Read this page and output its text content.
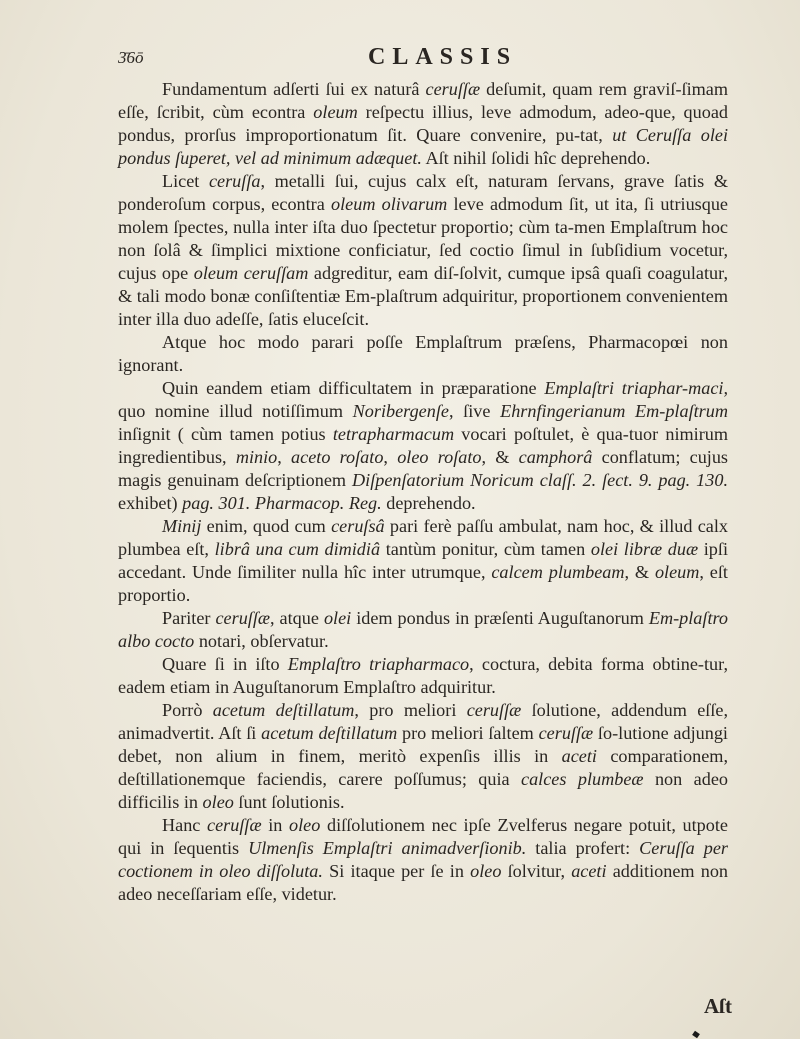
3̄6ō	CLASSIS

Fundamentum adſerti ſui ex naturâ ceruſſæ deſumit, quam rem graviſ-ſimam eſſe, ſcribit, cùm econtra oleum reſpectu illius, leve admodum, adeo-que, quoad pondus, prorſus improportionatum ſit. Quare convenire, pu-tat, ut Ceruſſa olei pondus ſuperet, vel ad minimum adæquet. Aſt nihil ſolidi hîc deprehendo.

Licet ceruſſa, metalli ſui, cujus calx eſt, naturam ſervans, grave ſatis & ponderoſum corpus, econtra oleum olivarum leve admodum ſit, ut ita, ſi utriusque molem ſpectes, nulla inter iſta duo ſpectetur proportio; cùm ta-men Emplaſtrum hoc non ſolâ & ſimplici mixtione conficiatur, ſed coctio ſimul in ſubſidium vocetur, cujus ope oleum ceruſſam adgreditur, eam diſ-ſolvit, cumque ipsâ quaſi coagulatur, & tali modo bonæ conſiſtentiæ Em-plaſtrum adquiritur, proportionem convenientem inter illa duo adeſſe, ſatis eluceſcit.

Atque hoc modo parari poſſe Emplaſtrum præſens, Pharmacopœi non ignorant.

Quin eandem etiam difficultatem in præparatione Emplaſtri triaphar-maci, quo nomine illud notiſſimum Noribergenſe, ſive Ehrnfingerianum Em-plaſtrum inſignit ( cùm tamen potius tetrapharmacum vocari poſtulet, è qua-tuor nimirum ingredientibus, minio, aceto roſato, oleo roſato, & camphorâ conflatum; cujus magis genuinam deſcriptionem Diſpenſatorium Noricum claſſ. 2. ſect. 9. pag. 130. exhibet) pag. 301. Pharmacop. Reg. deprehendo.

Minij enim, quod cum ceruſsâ pari ferè paſſu ambulat, nam hoc, & illud calx plumbea eſt, librâ una cum dimidiâ tantùm ponitur, cùm tamen olei libræ duæ ipſi accedant. Unde ſimiliter nulla hîc inter utrumque, calcem plumbeam, & oleum, eſt proportio.

Pariter ceruſſæ, atque olei idem pondus in præſenti Auguſtanorum Em-plaſtro albo cocto notari, obſervatur.

Quare ſi in iſto Emplaſtro triapharmaco, coctura, debita forma obtine-tur, eadem etiam in Auguſtanorum Emplaſtro adquiritur.

Porrò acetum deſtillatum, pro meliori ceruſſæ ſolutione, addendum eſſe, animadvertit. Aſt ſi acetum deſtillatum pro meliori ſaltem ceruſſæ ſo-lutione adjungi debet, non alium in finem, meritò expenſis illis in aceti comparationem, deſtillationemque faciendis, carere poſſumus; quia calces plumbeæ non adeo difficilis in oleo ſunt ſolutionis.

Hanc ceruſſæ in oleo diſſolutionem nec ipſe Zvelferus negare potuit, utpote qui in ſequentis Ulmenſis Emplaſtri animadverſionib. talia profert: Ceruſſa per coctionem in oleo diſſoluta. Si itaque per ſe in oleo ſolvitur, aceti additionem non adeo neceſſariam eſſe, videtur.

Aſt
